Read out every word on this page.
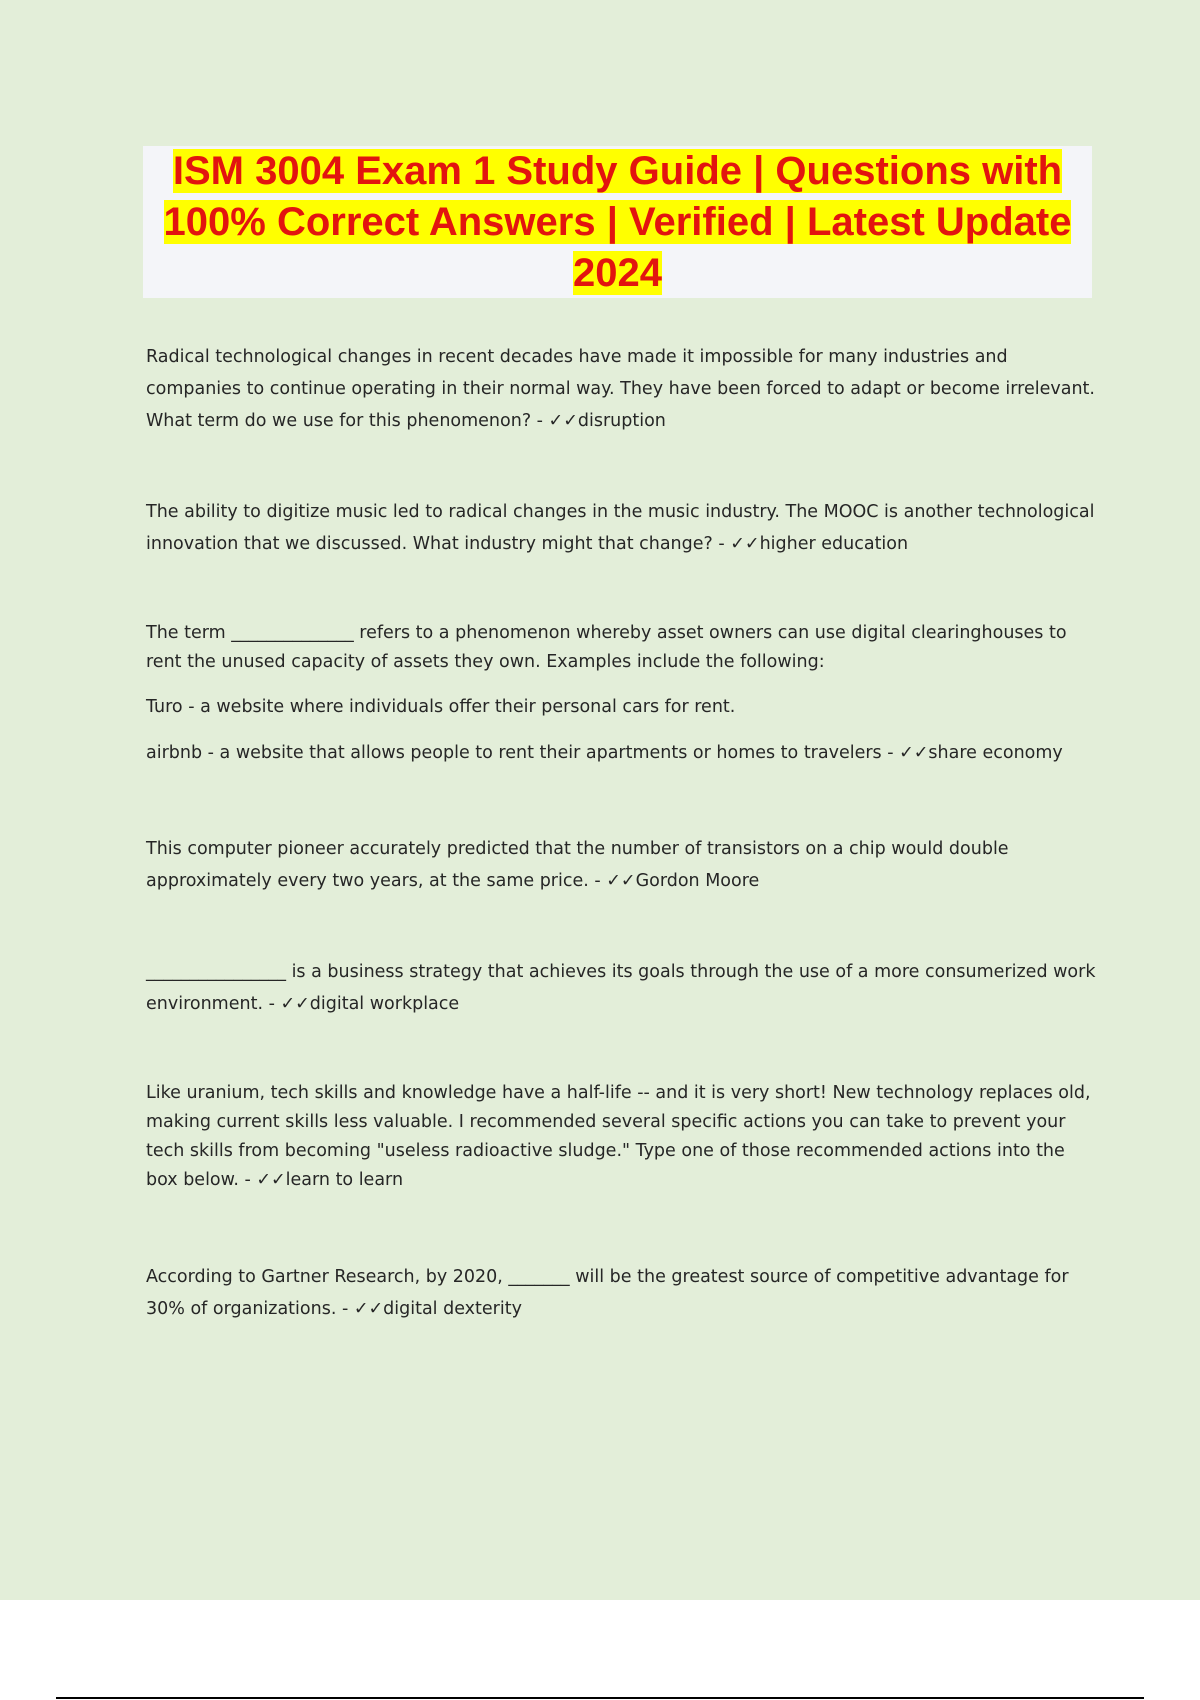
ISM 3004 Exam 1 Study Guide | Questions with 100% Correct Answers | Verified | Latest Update 2024

Radical technological changes in recent decades have made it impossible for many industries and companies to continue operating in their normal way. They have been forced to adapt or become irrelevant. What term do we use for this phenomenon? - ✓✓disruption

The ability to digitize music led to radical changes in the music industry. The MOOC is another technological innovation that we discussed. What industry might that change? - ✓✓higher education

The term ______________ refers to a phenomenon whereby asset owners can use digital clearinghouses to rent the unused capacity of assets they own. Examples include the following:

Turo - a website where individuals offer their personal cars for rent.

airbnb - a website that allows people to rent their apartments or homes to travelers - ✓✓share economy

This computer pioneer accurately predicted that the number of transistors on a chip would double approximately every two years, at the same price. - ✓✓Gordon Moore

________________ is a business strategy that achieves its goals through the use of a more consumerized work environment. - ✓✓digital workplace

Like uranium, tech skills and knowledge have a half-life -- and it is very short! New technology replaces old, making current skills less valuable. I recommended several specific actions you can take to prevent your tech skills from becoming "useless radioactive sludge." Type one of those recommended actions into the box below. - ✓✓learn to learn

According to Gartner Research, by 2020, _______ will be the greatest source of competitive advantage for 30% of organizations. - ✓✓digital dexterity
